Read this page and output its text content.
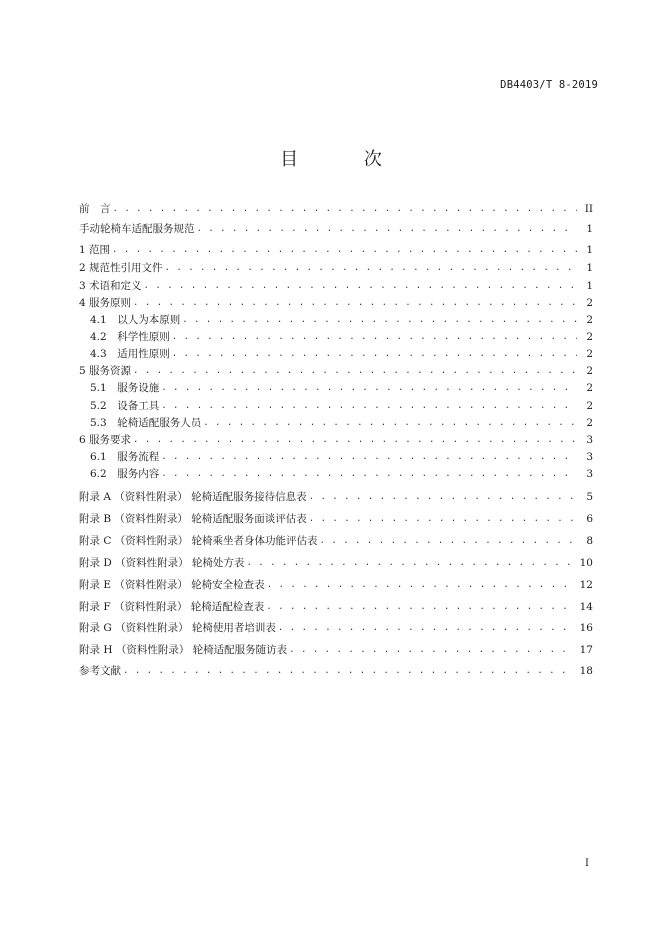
DB4403/T 8-2019
目 次
前　言 . . .	II
手动轮椅车适配服务规范 . . .	1
1 范围 . . .	1
2 规范性引用文件 . . .	1
3 术语和定义 . . .	1
4 服务原则 . . .	2
4.1　以人为本原则 . . .	2
4.2　科学性原则 . . .	2
4.3　适用性原则 . . .	2
5 服务资源 . . .	2
5.1　服务设施 . . .	2
5.2　设备工具 . . .	2
5.3　轮椅适配服务人员 . . .	2
6 服务要求 . . .	3
6.1　服务流程 . . .	3
6.2　服务内容 . . .	3
附录 A （资料性附录） 轮椅适配服务接待信息表 . . .	5
附录 B （资料性附录） 轮椅适配服务面谈评估表 . . .	6
附录 C （资料性附录） 轮椅乘坐者身体功能评估表 . . .	8
附录 D （资料性附录） 轮椅处方表 . . .	10
附录 E （资料性附录） 轮椅安全检查表 . . .	12
附录 F （资料性附录） 轮椅适配检查表 . . .	14
附录 G （资料性附录） 轮椅使用者培训表 . . .	16
附录 H （资料性附录） 轮椅适配服务随访表 . . .	17
参考文献 . . .	18
I
